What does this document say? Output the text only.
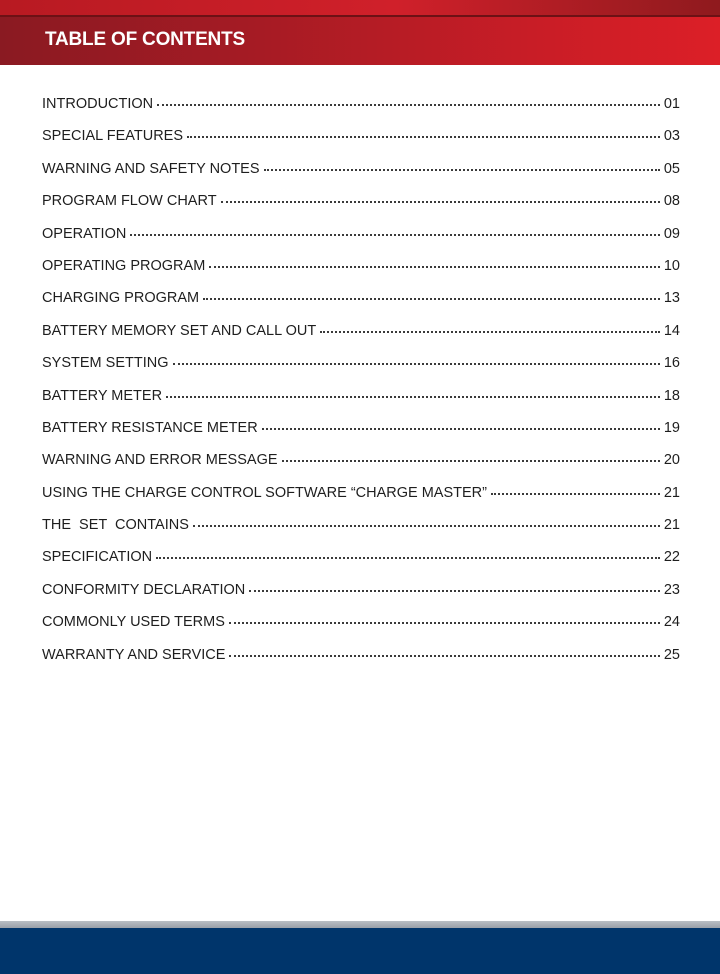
TABLE OF CONTENTS
INTRODUCTION	01
SPECIAL FEATURES	03
WARNING AND SAFETY NOTES	05
PROGRAM FLOW CHART	08
OPERATION	09
OPERATING PROGRAM	10
CHARGING PROGRAM	13
BATTERY MEMORY SET AND CALL OUT	14
SYSTEM SETTING	16
BATTERY METER	18
BATTERY RESISTANCE METER	19
WARNING AND ERROR MESSAGE	20
USING THE CHARGE CONTROL SOFTWARE “CHARGE MASTER”	21
THE  SET  CONTAINS	21
SPECIFICATION	22
CONFORMITY DECLARATION	23
COMMONLY USED TERMS	24
WARRANTY AND SERVICE	25
